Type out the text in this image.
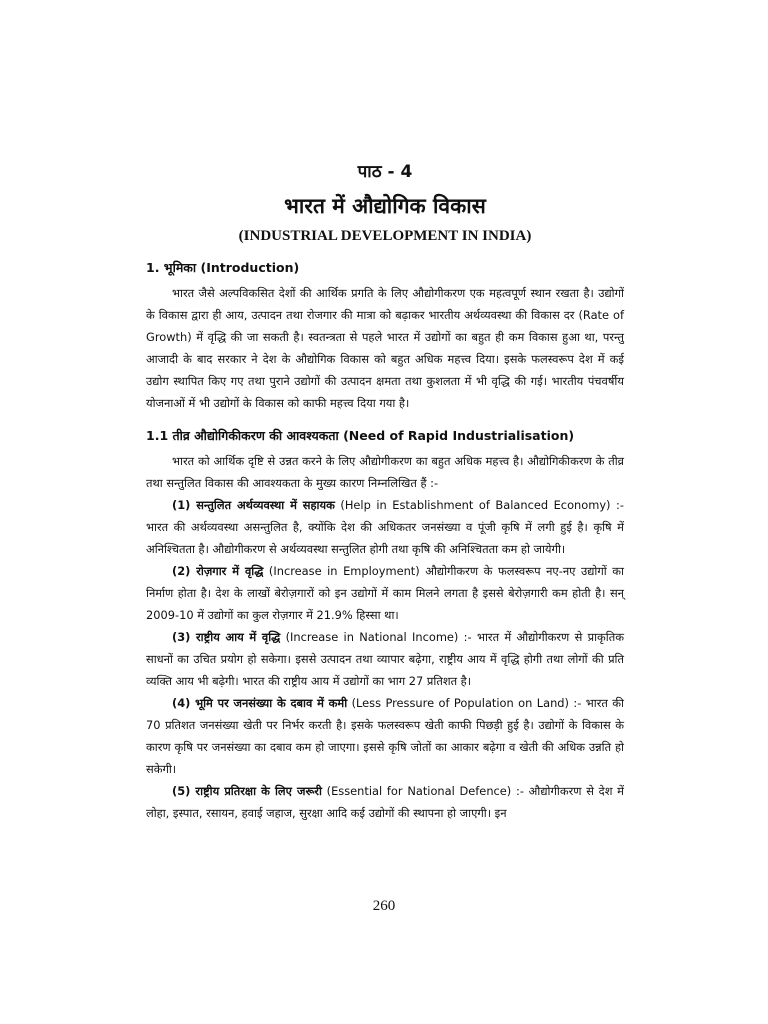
पाठ - 4
भारत में औद्योगिक विकास
(INDUSTRIAL DEVELOPMENT IN INDIA)
1. भूमिका (Introduction)

भारत जैसे अल्पविकसित देशों की आर्थिक प्रगति के लिए औद्योगीकरण एक महत्वपूर्ण स्थान रखता है। उद्योगों के विकास द्वारा ही आय, उत्पादन तथा रोजगार की मात्रा को बढ़ाकर भारतीय अर्थव्यवस्था की विकास दर (Rate of Growth) में वृद्धि की जा सकती है। स्वतन्त्रता से पहले भारत में उद्योगों का बहुत ही कम विकास हुआ था, परन्तु आजादी के बाद सरकार ने देश के औद्योगिक विकास को बहुत अधिक महत्त्व दिया। इसके फलस्वरूप देश में कई उद्योग स्थापित किए गए तथा पुराने उद्योगों की उत्पादन क्षमता तथा कुशलता में भी वृद्धि की गई। भारतीय पंचवर्षीय योजनाओं में भी उद्योगों के विकास को काफी महत्त्व दिया गया है।

1.1 तीव्र औद्योगिकीकरण की आवश्यकता (Need of Rapid Industrialisation)

भारत को आर्थिक दृष्टि से उन्नत करने के लिए औद्योगीकरण का बहुत अधिक महत्त्व है। औद्योगिकीकरण के तीव्र तथा सन्तुलित विकास की आवश्यकता के मुख्य कारण निम्नलिखित हैं :-

(1) सन्तुलित अर्थव्यवस्था में सहायक (Help in Establishment of Balanced Economy) :- भारत की अर्थव्यवस्था असन्तुलित है, क्योंकि देश की अधिकतर जनसंख्या व पूंजी कृषि में लगी हुई है। कृषि में अनिश्चितता है। औद्योगीकरण से अर्थव्यवस्था सन्तुलित होगी तथा कृषि की अनिश्चितता कम हो जायेगी।

(2) रोज़गार में वृद्धि (Increase in Employment) औद्योगीकरण के फलस्वरूप नए-नए उद्योगों का निर्माण होता है। देश के लाखों बेरोज़गारों को इन उद्योगों में काम मिलने लगता है इससे बेरोज़गारी कम होती है। सन् 2009-10 में उद्योगों का कुल रोज़गार में 21.9% हिस्सा था।

(3) राष्ट्रीय आय में वृद्धि (Increase in National Income) :- भारत में औद्योगीकरण से प्राकृतिक साधनों का उचित प्रयोग हो सकेगा। इससे उत्पादन तथा व्यापार बढ़ेगा, राष्ट्रीय आय में वृद्धि होगी तथा लोगों की प्रति व्यक्ति आय भी बढ़ेगी। भारत की राष्ट्रीय आय में उद्योगों का भाग 27 प्रतिशत है।

(4) भूमि पर जनसंख्या के दबाव में कमी (Less Pressure of Population on Land) :- भारत की 70 प्रतिशत जनसंख्या खेती पर निर्भर करती है। इसके फलस्वरूप खेती काफी पिछड़ी हुई है। उद्योगों के विकास के कारण कृषि पर जनसंख्या का दबाव कम हो जाएगा। इससे कृषि जोतों का आकार बढ़ेगा व खेती की अधिक उन्नति हो सकेगी।

(5) राष्ट्रीय प्रतिरक्षा के लिए जरूरी (Essential for National Defence) :- औद्योगीकरण से देश में लोहा, इस्पात, रसायन, हवाई जहाज, सुरक्षा आदि कई उद्योगों की स्थापना हो जाएगी। इन

260
